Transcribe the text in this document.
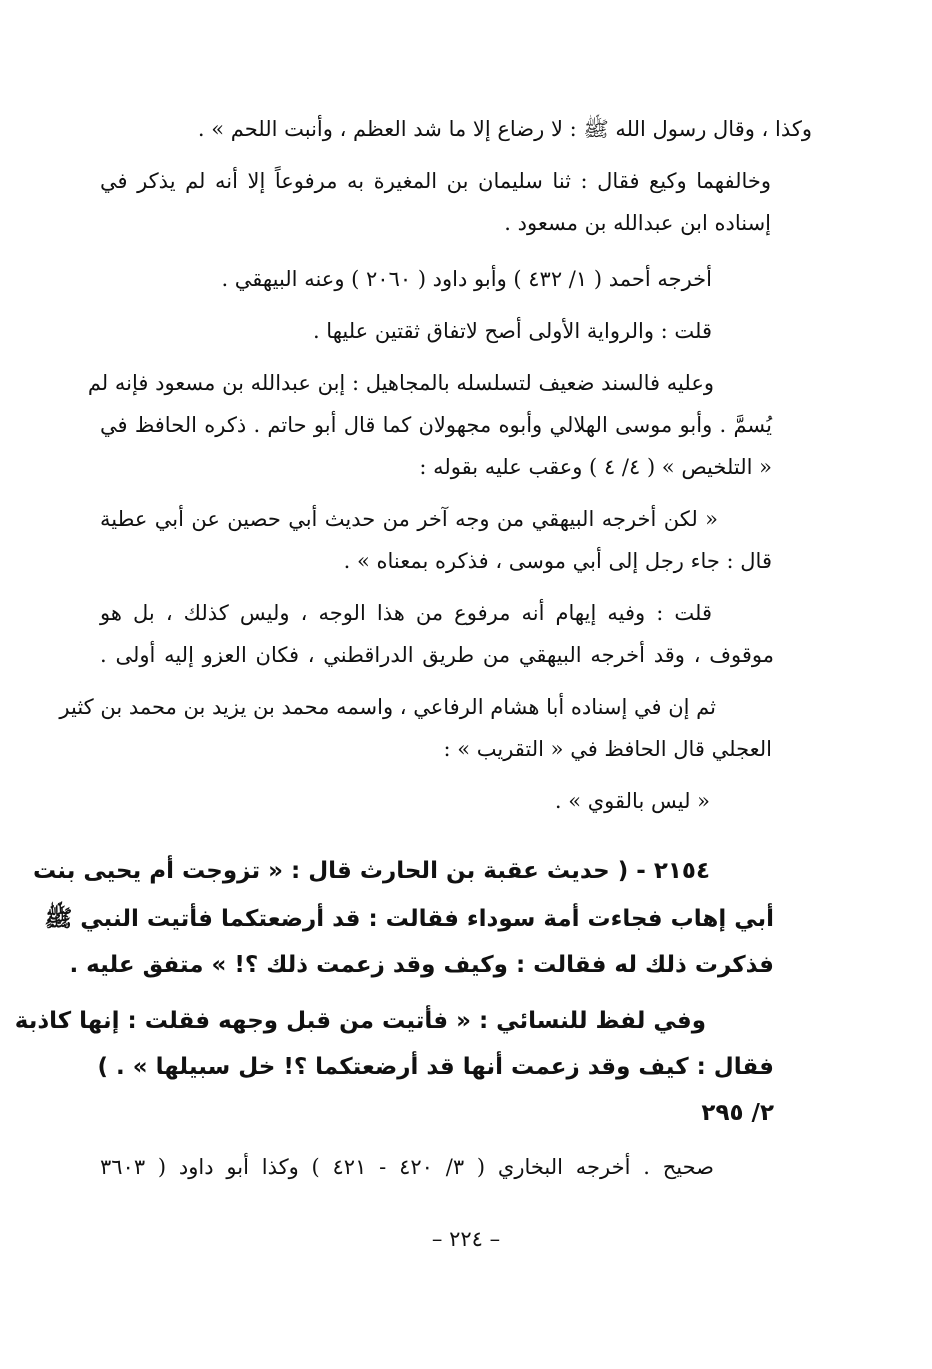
وكذا ، وقال رسول الله ﷺ : لا رضاع إلا ما شد العظم ، وأنبت اللحم » .
وخالفهما وكيع فقال : ثنا سليمان بن المغيرة به مرفوعاً إلا أنه لم يذكر في
إسناده ابن عبدالله بن مسعود .
أخرجه أحمد ( ١/ ٤٣٢ ) وأبو داود ( ٢٠٦٠ ) وعنه البيهقي .
قلت : والرواية الأولى أصح لاتفاق ثقتين عليها .
وعليه فالسند ضعيف لتسلسله بالمجاهيل : إبن عبدالله بن مسعود فإنه لم
يُسمَّ . وأبو موسى الهلالي وأبوه مجهولان كما قال أبو حاتم . ذكره الحافظ في
« التلخيص » ( ٤/ ٤ ) وعقب عليه بقوله :
« لكن أخرجه البيهقي من وجه آخر من حديث أبي حصين عن أبي عطية
قال : جاء رجل إلى أبي موسى ، فذكره بمعناه » .
قلت : وفيه إيهام أنه مرفوع من هذا الوجه ، وليس كذلك ، بل هو
موقوف ، وقد أخرجه البيهقي من طريق الدراقطني ، فكان العزو إليه أولى .
ثم إن في إسناده أبا هشام الرفاعي ، واسمه محمد بن يزيد بن محمد بن كثير
العجلي قال الحافظ في « التقريب » :
« ليس بالقوي » .
٢١٥٤ - ( حديث عقبة بن الحارث قال : « تزوجت أم يحيى بنت
أبي إهاب فجاءت أمة سوداء فقالت : قد أرضعتكما فأتيت النبي ﷺ
فذكرت ذلك له فقالت : وكيف وقد زعمت ذلك ؟! » متفق عليه .
وفي لفظ للنسائي : « فأتيت من قبل وجهه فقلت : إنها كاذبة
فقال : كيف وقد زعمت أنها قد أرضعتكما ؟! خل سبيلها » . )
٢/ ٢٩٥
صحيح . أخرجه البخاري ( ٣/ ٤٢٠ - ٤٢١ ) وكذا أبو داود ( ٣٦٠٣
– ٢٢٤ –
